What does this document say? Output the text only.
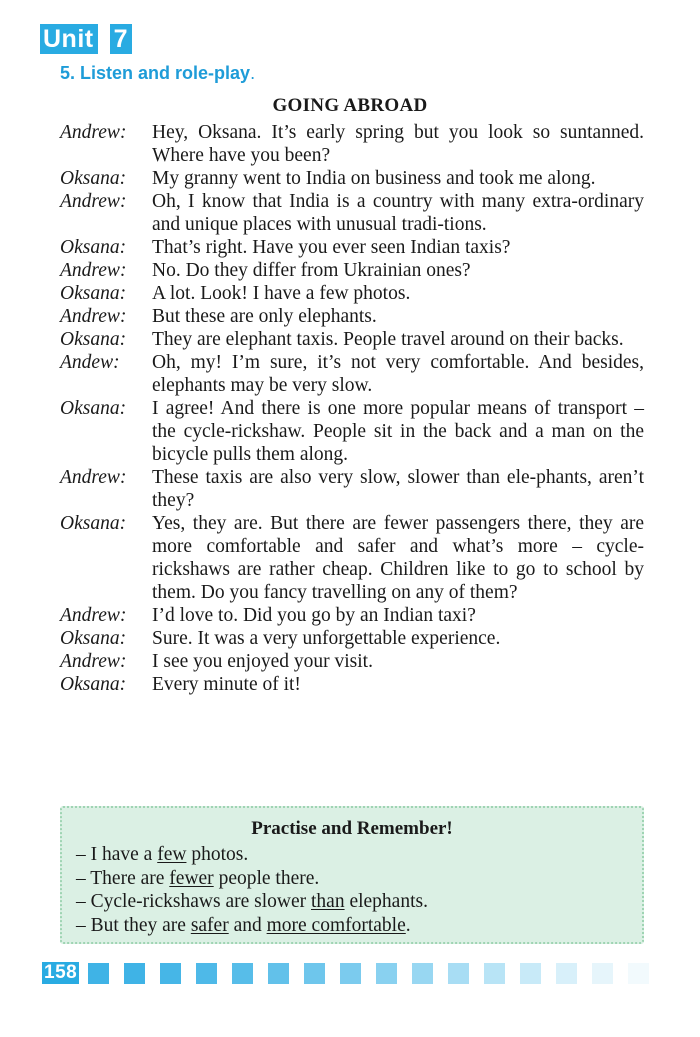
Unit 7
5. Listen and role-play.
GOING ABROAD
Andrew:	Hey, Oksana. It’s early spring but you look so suntanned. Where have you been?
Oksana:	My granny went to India on business and took me along.
Andrew:	Oh, I know that India is a country with many extra-ordinary and unique places with unusual tradi-tions.
Oksana:	That’s right. Have you ever seen Indian taxis?
Andrew:	No. Do they differ from Ukrainian ones?
Oksana:	A lot. Look! I have a few photos.
Andrew:	But these are only elephants.
Oksana:	They are elephant taxis. People travel around on their backs.
Andew:	Oh, my! I’m sure, it’s not very comfortable. And besides, elephants may be very slow.
Oksana:	I agree! And there is one more popular means of transport – the cycle-rickshaw. People sit in the back and a man on the bicycle pulls them along.
Andrew:	These taxis are also very slow, slower than ele-phants, aren’t they?
Oksana:	Yes, they are. But there are fewer passengers there, they are more comfortable and safer and what’s more – cycle-rickshaws are rather cheap. Children like to go to school by them. Do you fancy travelling on any of them?
Andrew:	I’d love to. Did you go by an Indian taxi?
Oksana:	Sure. It was a very unforgettable experience.
Andrew:	I see you enjoyed your visit.
Oksana:	Every minute of it!
Practise and Remember!
– I have a few photos.
– There are fewer people there.
– Cycle-rickshaws are slower than elephants.
– But they are safer and more comfortable.
158
